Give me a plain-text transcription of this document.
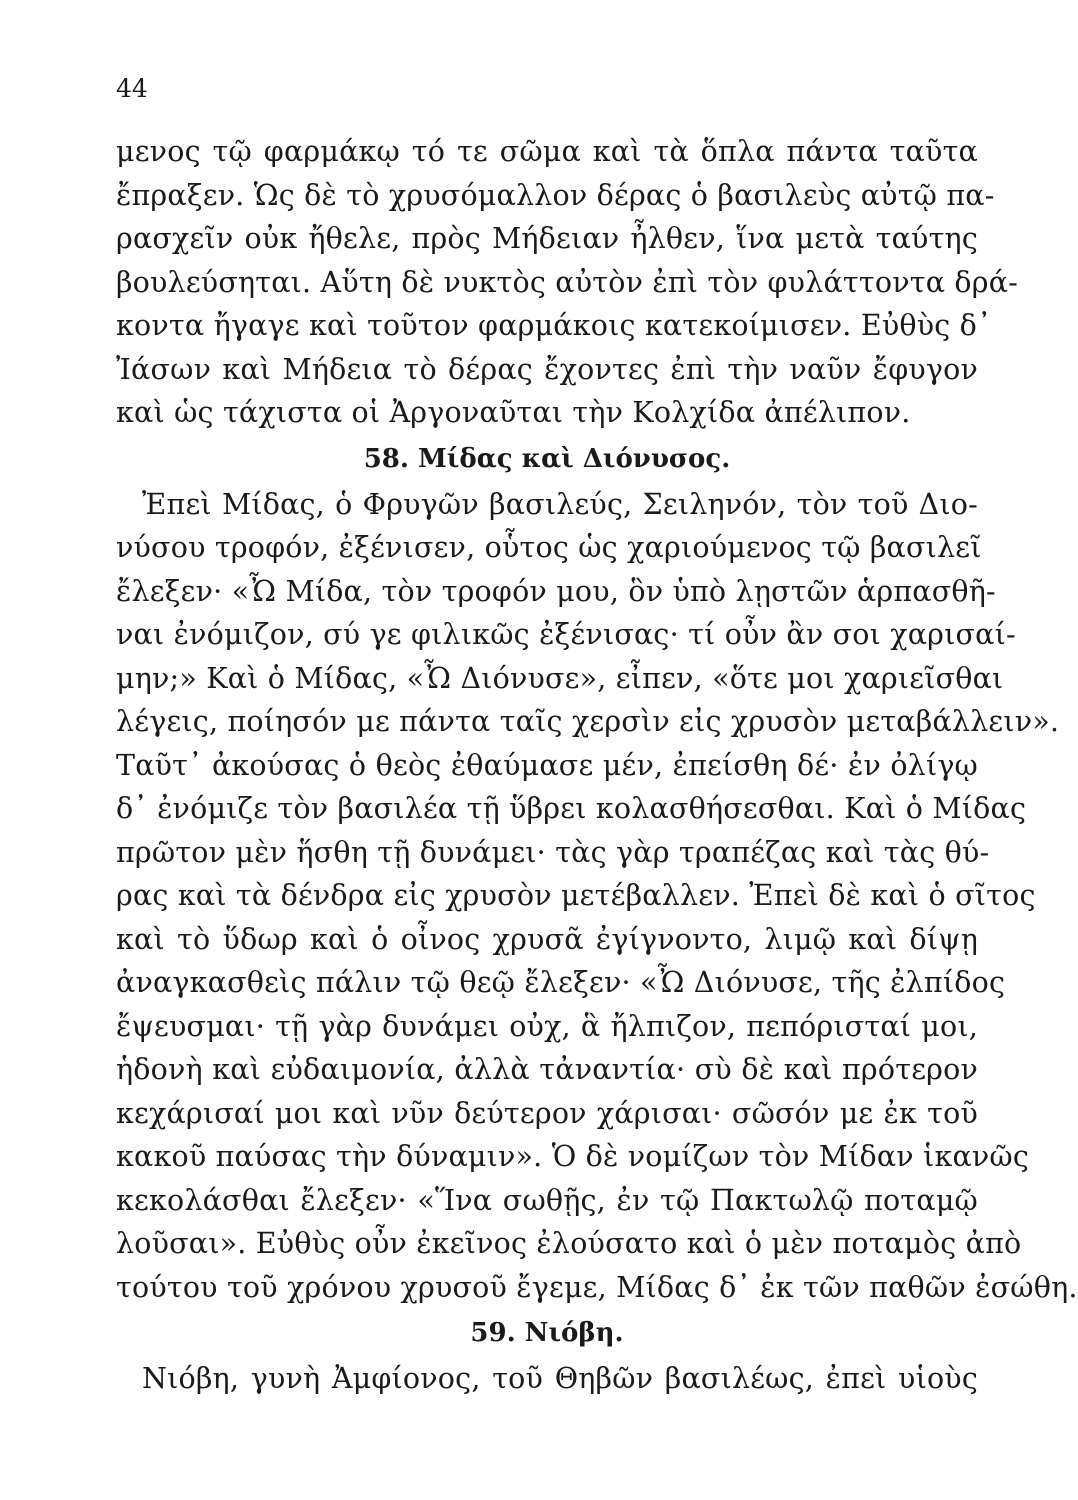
44
μενος τῷ φαρμάκῳ τό τε σῶμα καὶ τὰ ὅπλα πάντα ταῦτα
ἔπραξεν. Ὡς δὲ τὸ χρυσόμαλλον δέρας ὁ βασιλεὺς αὐτῷ πα-
ρασχεῖν οὐκ ἤθελε, πρὸς Μήδειαν ἦλθεν, ἵνα μετὰ ταύτης
βουλεύσηται. Αὕτη δὲ νυκτὸς αὐτὸν ἐπὶ τὸν φυλάττοντα δρά-
κοντα ἤγαγε καὶ τοῦτον φαρμάκοις κατεκοίμισεν. Εὐθὺς δ᾽
Ἰάσων καὶ Μήδεια τὸ δέρας ἔχοντες ἐπὶ τὴν ναῦν ἔφυγον
καὶ ὡς τάχιστα οἱ Ἀργοναῦται τὴν Κολχίδα ἀπέλιπον.
58. Μίδας καὶ Διόνυσος.
Ἐπεὶ Μίδας, ὁ Φρυγῶν βασιλεύς, Σειληνόν, τὸν τοῦ Διο-
νύσου τροφόν, ἐξένισεν, οὗτος ὡς χαριούμενος τῷ βασιλεῖ
ἔλεξεν· «Ὦ Μίδα, τὸν τροφόν μου, ὃν ὑπὸ λῃστῶν ἁρπασθῆ-
ναι ἐνόμιζον, σύ γε φιλικῶς ἐξένισας· τί οὖν ἂν σοι χαρισαί-
μην;» Καὶ ὁ Μίδας, «Ὦ Διόνυσε», εἶπεν, «ὅτε μοι χαριεῖσθαι
λέγεις, ποίησόν με πάντα ταῖς χερσὶν εἰς χρυσὸν μεταβάλλειν».
Ταῦτ᾽ ἀκούσας ὁ θεὸς ἐθαύμασε μέν, ἐπείσθη δέ· ἐν ὀλίγῳ
δ᾽ ἐνόμιζε τὸν βασιλέα τῇ ὕβρει κολασθήσεσθαι. Καὶ ὁ Μίδας
πρῶτον μὲν ἥσθη τῇ δυνάμει· τὰς γὰρ τραπέζας καὶ τὰς θύ-
ρας καὶ τὰ δένδρα εἰς χρυσὸν μετέβαλλεν. Ἐπεὶ δὲ καὶ ὁ σῖτος
καὶ τὸ ὕδωρ καὶ ὁ οἶνος χρυσᾶ ἐγίγνοντο, λιμῷ καὶ δίψῃ
ἀναγκασθεὶς πάλιν τῷ θεῷ ἔλεξεν· «Ὦ Διόνυσε, τῆς ἐλπίδος
ἔψευσμαι· τῇ γὰρ δυνάμει οὐχ, ἃ ἤλπιζον, πεπόρισταί μοι,
ἡδονὴ καὶ εὐδαιμονία, ἀλλὰ τἀναντία· σὺ δὲ καὶ πρότερον
κεχάρισαί μοι καὶ νῦν δεύτερον χάρισαι· σῶσόν με ἐκ τοῦ
κακοῦ παύσας τὴν δύναμιν». Ὁ δὲ νομίζων τὸν Μίδαν ἱκανῶς
κεκολάσθαι ἔλεξεν· «Ἵνα σωθῇς, ἐν τῷ Πακτωλῷ ποταμῷ
λοῦσαι». Εὐθὺς οὖν ἐκεῖνος ἐλούσατο καὶ ὁ μὲν ποταμὸς ἀπὸ
τούτου τοῦ χρόνου χρυσοῦ ἔγεμε, Μίδας δ᾽ ἐκ τῶν παθῶν ἐσώθη.
59. Νιόβη.
Νιόβη, γυνὴ Ἀμφίονος, τοῦ Θηβῶν βασιλέως, ἐπεὶ υἱοὺς
